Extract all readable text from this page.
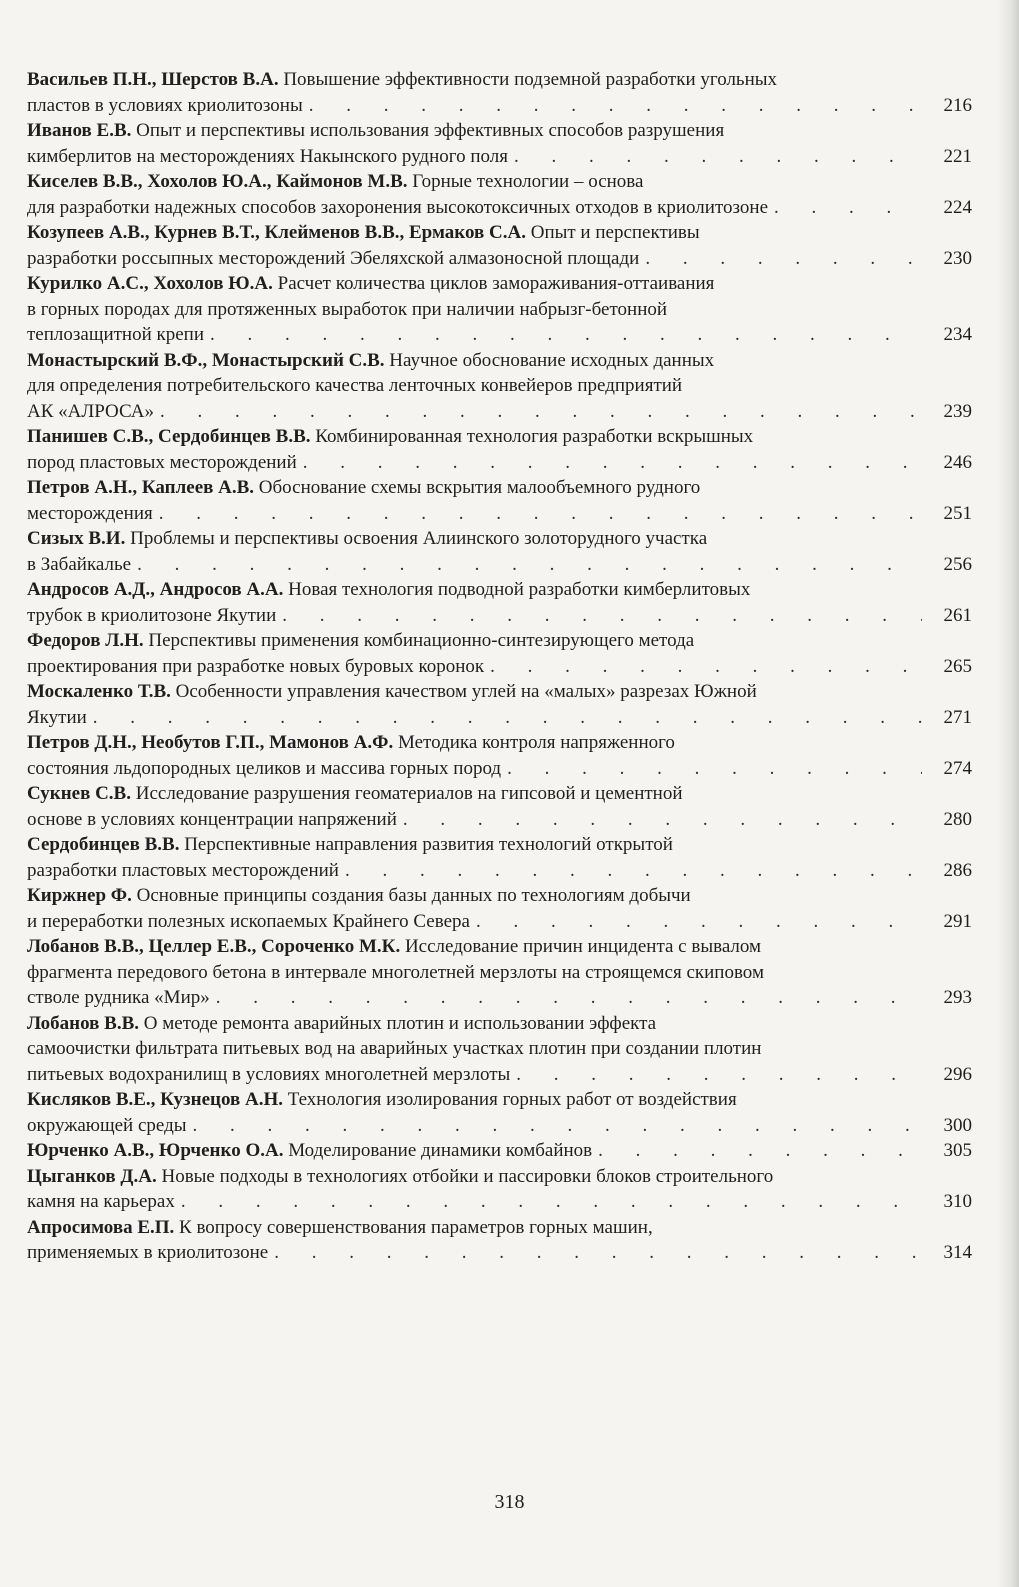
Васильев П.Н., Шерстов В.А. Повышение эффективности подземной разработки угольных
пластов в условиях криолитозоны . . .	216
Иванов Е.В. Опыт и перспективы использования эффективных способов разрушения
кимберлитов на месторождениях Накынского рудного поля . . .	221
Киселев В.В., Хохолов Ю.А., Каймонов М.В. Горные технологии – основа
для разработки надежных способов захоронения высокотоксичных отходов в криолитозоне . . .	224
Козупеев А.В., Курнев В.Т., Клейменов В.В., Ермаков С.А. Опыт и перспективы
разработки россыпных месторождений Эбеляхской алмазоносной площади . . .	230
Курилко А.С., Хохолов Ю.А. Расчет количества циклов замораживания-оттаивания
в горных породах для протяженных выработок при наличии набрызг-бетонной
теплозащитной крепи . . .	234
Монастырский В.Ф., Монастырский С.В. Научное обоснование исходных данных
для определения потребительского качества ленточных конвейеров предприятий
АК «АЛРОСА» . . .	239
Панишев С.В., Сердобинцев В.В. Комбинированная технология разработки вскрышных
пород пластовых месторождений . . .	246
Петров А.Н., Каплеев А.В. Обоснование схемы вскрытия малообъемного рудного
месторождения . . .	251
Сизых В.И. Проблемы и перспективы освоения Алиинского золоторудного участка
в Забайкалье . . .	256
Андросов А.Д., Андросов А.А. Новая технология подводной разработки кимберлитовых
трубок в криолитозоне Якутии . . .	261
Федоров Л.Н. Перспективы применения комбинационно-синтезирующего метода
проектирования при разработке новых буровых коронок . . .	265
Москаленко Т.В. Особенности управления качеством углей на «малых» разрезах Южной
Якутии . . .	271
Петров Д.Н., Необутов Г.П., Мамонов А.Ф. Методика контроля напряженного
состояния льдопородных целиков и массива горных пород . . .	274
Сукнев С.В. Исследование разрушения геоматериалов на гипсовой и цементной
основе в условиях концентрации напряжений . . .	280
Сердобинцев В.В. Перспективные направления развития технологий открытой
разработки пластовых месторождений . . .	286
Киржнер Ф. Основные принципы создания базы данных по технологиям добычи
и переработки полезных ископаемых Крайнего Севера . . .	291
Лобанов В.В., Целлер Е.В., Сороченко М.К. Исследование причин инцидента с вывалом
фрагмента передового бетона в интервале многолетней мерзлоты на строящемся скиповом
стволе рудника «Мир» . . .	293
Лобанов В.В. О методе ремонта аварийных плотин и использовании эффекта
самоочистки фильтрата питьевых вод на аварийных участках плотин при создании плотин
питьевых водохранилищ в условиях многолетней мерзлоты . . .	296
Кисляков В.Е., Кузнецов А.Н. Технология изолирования горных работ от воздействия
окружающей среды . . .	300
Юрченко А.В., Юрченко О.А. Моделирование динамики комбайнов . . .	305
Цыганков Д.А. Новые подходы в технологиях отбойки и пассировки блоков строительного
камня на карьерах . . .	310
Апросимова Е.П. К вопросу совершенствования параметров горных машин,
применяемых в криолитозоне . . .	314
318
